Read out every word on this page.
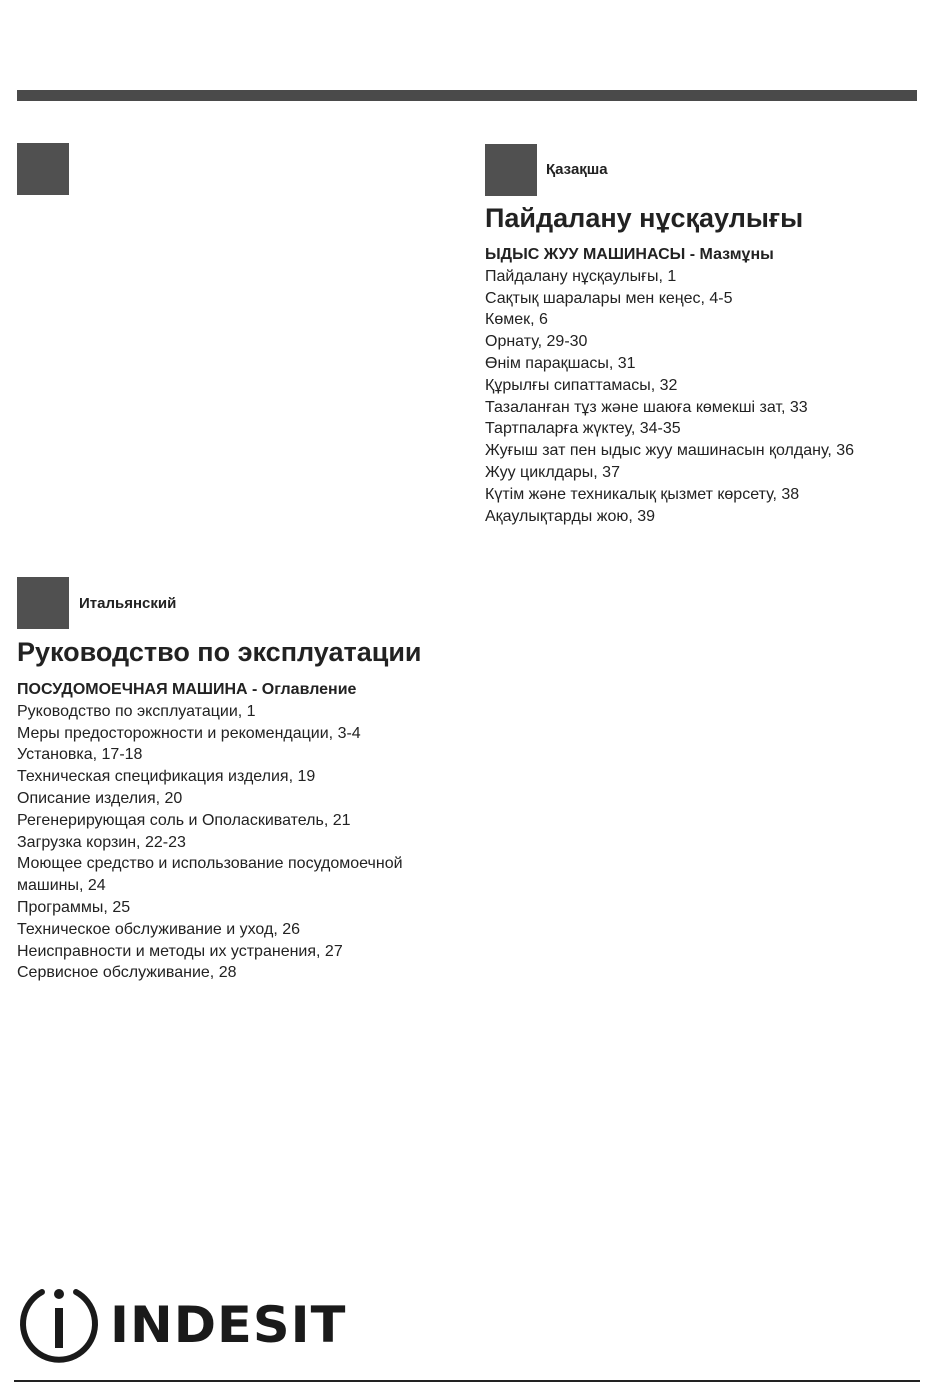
Қазақша
Пайдалану нұсқаулығы
ЫДЫС ЖУУ МАШИНАСЫ - Мазмұны
Пайдалану нұсқаулығы, 1
Сақтық шаралары мен кеңес, 4-5
Көмек, 6
Орнату, 29-30
Өнім парақшасы, 31
Құрылғы сипаттамасы, 32
Тазаланған тұз және шаюға көмекші зат, 33
Тартпаларға жүктеу, 34-35
Жуғыш зат пен ыдыс жуу машинасын қолдану, 36
Жуу циклдары, 37
Күтім және техникалық қызмет көрсету, 38
Ақаулықтарды жою, 39
Итальянский
Руководство по эксплуатации
ПОСУДОМОЕЧНАЯ МАШИНА - Оглавление
Руководство по эксплуатации, 1
Меры предосторожности и рекомендации, 3-4
Установка, 17-18
Техническая спецификация изделия, 19
Описание изделия, 20
Регенерирующая соль и Ополаскиватель, 21
Загрузка корзин, 22-23
Моющее средство и использование посудомоечной
машины, 24
Программы, 25
Техническое обслуживание и уход, 26
Неисправности и методы их устранения, 27
Сервисное обслуживание, 28
INDESIT
